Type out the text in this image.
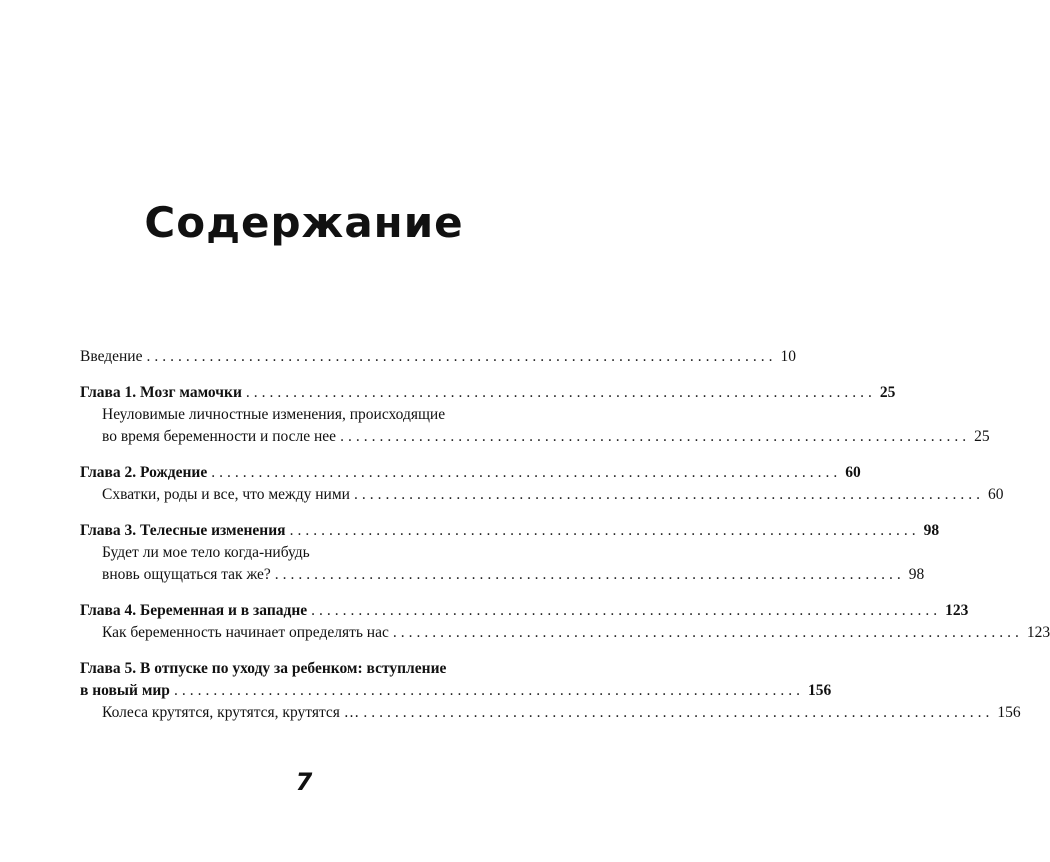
Содержание
Введение ................................................................................ 10
Глава 1. Мозг мамочки ................................................................................ 25
Неуловимые личностные изменения, происходящие
во время беременности и после нее ................................................................................ 25
Глава 2. Рождение ................................................................................ 60
Схватки, роды и все, что между ними ................................................................................ 60
Глава 3. Телесные изменения ................................................................................ 98
Будет ли мое тело когда-нибудь
вновь ощущаться так же? ................................................................................ 98
Глава 4. Беременная и в западне ................................................................................ 123
Как беременность начинает определять нас ................................................................................ 123
Глава 5. В отпуске по уходу за ребенком: вступление
в новый мир ................................................................................ 156
Колеса крутятся, крутятся, крутятся … ................................................................................ 156
7
